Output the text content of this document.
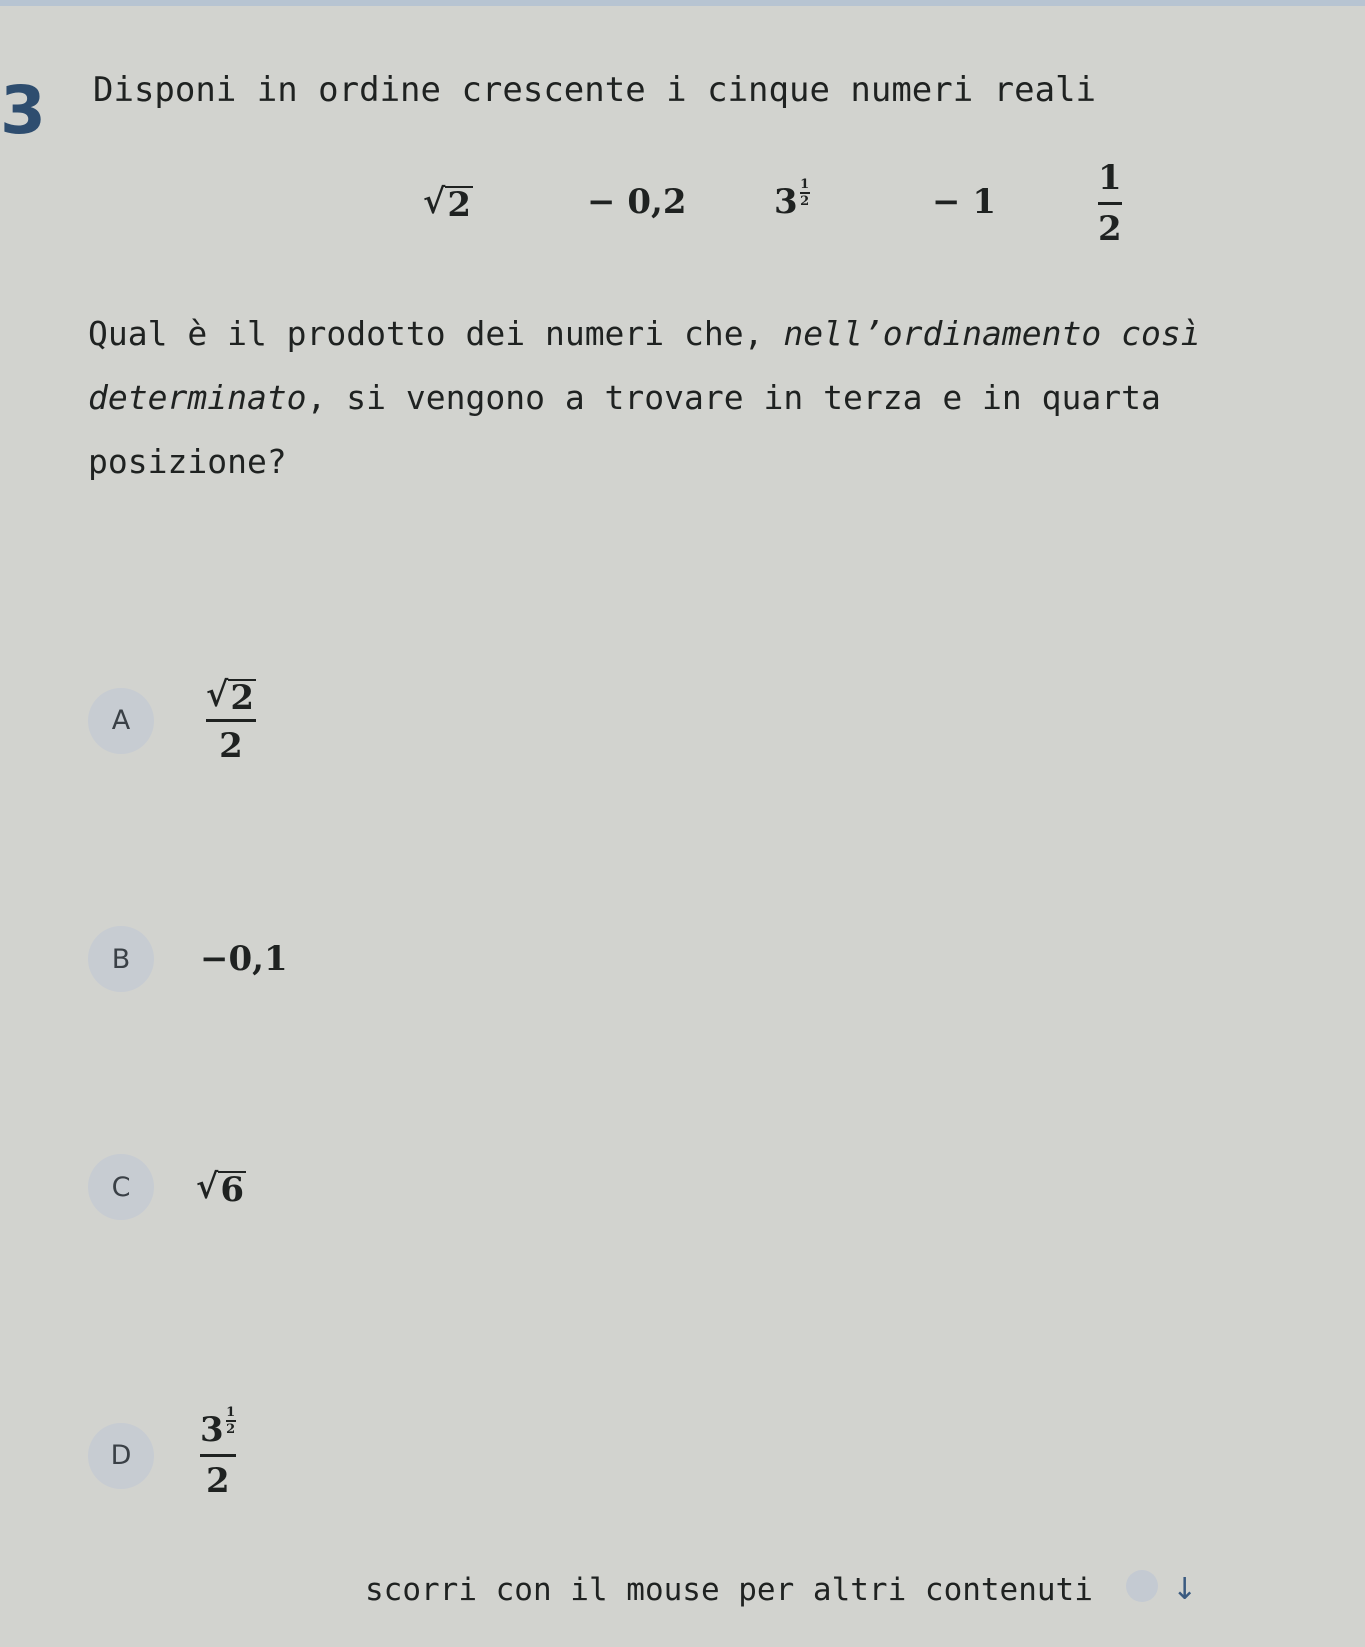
3 Disponi in ordine crescente i cinque numeri reali
√ 2	− 0,2	3 1
2	− 1	$\frac{1}{2}$
Qual è il prodotto dei numeri che, nell’ordinamento così determinato, si vengono a trovare in terza e in quarta posizione?
A	$\frac{√ 2}{2}$
B	−0,1
C	√ 6
D	3 1
2
2
scorri con il mouse per altri contenuti	↓
